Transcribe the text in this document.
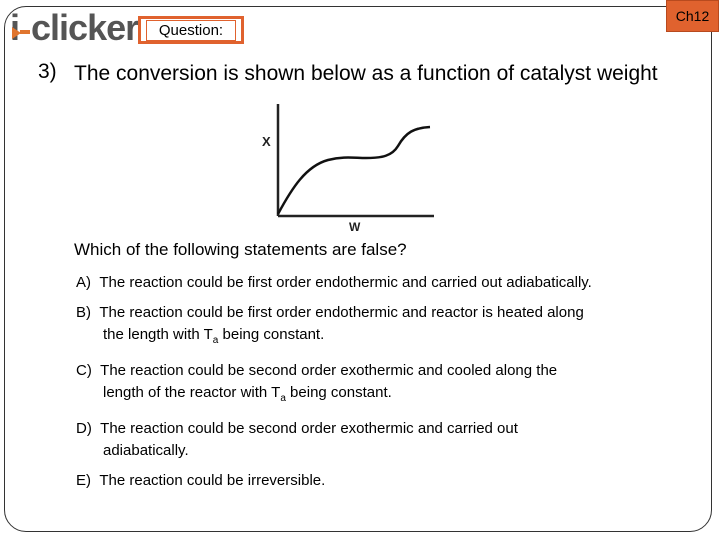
i clicker	Question:
Ch12
3) The conversion is shown below as a function of catalyst weight
X
W
Which of the following statements are false?
A) The reaction could be first order endothermic and carried out adiabatically.
B) The reaction could be first order endothermic and reactor is heated along
the length with $T_a$ being constant.
C) The reaction could be second order exothermic and cooled along the
length of the reactor with $T_a$ being constant.
D) The reaction could be second order exothermic and carried out
adiabatically.
E) The reaction could be irreversible.
